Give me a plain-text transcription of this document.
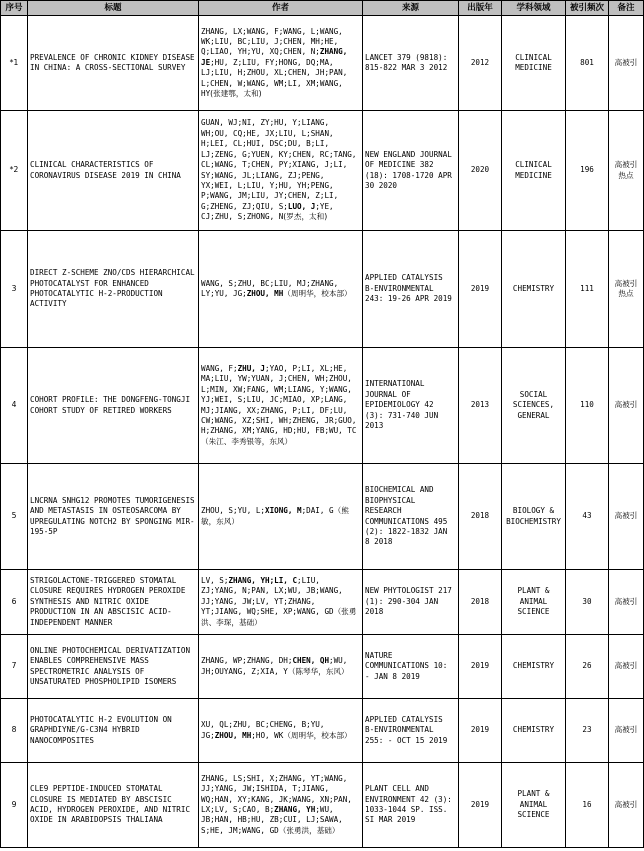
序号	标题	作者	来源	出版年	学科领域	被引频次	备注
*1	PREVALENCE OF CHRONIC KIDNEY DISEASE IN CHINA: A CROSS-SECTIONAL SURVEY	ZHANG, LX;WANG, F;WANG, L;WANG, WK;LIU, BC;LIU, J;CHEN, MH;HE, Q;LIAO, YH;YU, XQ;CHEN, N;ZHANG, JE;HU, Z;LIU, FY;HONG, DQ;MA, LJ;LIU, H;ZHOU, XL;CHEN, JH;PAN, L;CHEN, W;WANG, WM;LI, XM;WANG, HY(张建鄂，太和)	LANCET 379 (9818): 815-822 MAR 3 2012	2012	CLINICAL MEDICINE	801	高被引
*2	CLINICAL CHARACTERISTICS OF CORONAVIRUS DISEASE 2019 IN CHINA	GUAN, WJ;NI, ZY;HU, Y;LIANG, WH;OU, CQ;HE, JX;LIU, L;SHAN, H;LEI, CL;HUI, DSC;DU, B;LI, LJ;ZENG, G;YUEN, KY;CHEN, RC;TANG, CL;WANG, T;CHEN, PY;XIANG, J;LI, SY;WANG, JL;LIANG, ZJ;PENG, YX;WEI, L;LIU, Y;HU, YH;PENG, P;WANG, JM;LIU, JY;CHEN, Z;LI, G;ZHENG, ZJ;QIU, S;LUO, J;YE, CJ;ZHU, S;ZHONG, N(罗杰，太和)	NEW ENGLAND JOURNAL OF MEDICINE 382 (18): 1708-1720 APR 30 2020	2020	CLINICAL MEDICINE	196	高被引 热点
3	DIRECT Z-SCHEME ZNO/CDS HIERARCHICAL PHOTOCATALYST FOR ENHANCED PHOTOCATALYTIC H-2-PRODUCTION ACTIVITY	WANG, S;ZHU, BC;LIU, MJ;ZHANG, LY;YU, JG;ZHOU, MH（周明华，校本部）	APPLIED CATALYSIS B-ENVIRONMENTAL 243: 19-26 APR 2019	2019	CHEMISTRY	111	高被引 热点
4	COHORT PROFILE: THE DONGFENG-TONGJI COHORT STUDY OF RETIRED WORKERS	WANG, F;ZHU, J;YAO, P;LI, XL;HE, MA;LIU, YW;YUAN, J;CHEN, WH;ZHOU, L;MIN, XW;FANG, WM;LIANG, Y;WANG, YJ;WEI, S;LIU, JC;MIAO, XP;LANG, MJ;JIANG, XX;ZHANG, P;LI, DF;LU, CW;WANG, XZ;SHI, WH;ZHENG, JR;GUO, H;ZHANG, XM;YANG, HD;HU, FB;WU, TC（朱江、李秀银等，东风）	INTERNATIONAL JOURNAL OF EPIDEMIOLOGY 42 (3): 731-740 JUN 2013	2013	SOCIAL SCIENCES, GENERAL	110	高被引
5	LNCRNA SNHG12 PROMOTES TUMORIGENESIS AND METASTASIS IN OSTEOSARCOMA BY UPREGULATING NOTCH2 BY SPONGING MIR-195-5P	ZHOU, S;YU, L;XIONG, M;DAI, G（熊敏，东风）	BIOCHEMICAL AND BIOPHYSICAL RESEARCH COMMUNICATIONS 495 (2): 1822-1832 JAN 8 2018	2018	BIOLOGY & BIOCHEMISTRY	43	高被引
6	STRIGOLACTONE-TRIGGERED STOMATAL CLOSURE REQUIRES HYDROGEN PEROXIDE SYNTHESIS AND NITRIC OXIDE PRODUCTION IN AN ABSCISIC ACID-INDEPENDENT MANNER	LV, S;ZHANG, YH;LI, C;LIU, ZJ;YANG, N;PAN, LX;WU, JB;WANG, JJ;YANG, JW;LV, YT;ZHANG, YT;JIANG, WQ;SHE, XP;WANG, GD（张勇洪、李琛，基础）	NEW PHYTOLOGIST 217 (1): 290-304 JAN 2018	2018	PLANT & ANIMAL SCIENCE	30	高被引
7	ONLINE PHOTOCHEMICAL DERIVATIZATION ENABLES COMPREHENSIVE MASS SPECTROMETRIC ANALYSIS OF UNSATURATED PHOSPHOLIPID ISOMERS	ZHANG, WP;ZHANG, DH;CHEN, QH;WU, JH;OUYANG, Z;XIA, Y（陈琴华，东风）	NATURE COMMUNICATIONS 10: - JAN 8 2019	2019	CHEMISTRY	26	高被引
8	PHOTOCATALYTIC H-2 EVOLUTION ON GRAPHDIYNE/G-C3N4 HYBRID NANOCOMPOSITES	XU, QL;ZHU, BC;CHENG, B;YU, JG;ZHOU, MH;HO, WK（周明华，校本部）	APPLIED CATALYSIS B-ENVIRONMENTAL 255: - OCT 15 2019	2019	CHEMISTRY	23	高被引
9	CLE9 PEPTIDE-INDUCED STOMATAL CLOSURE IS MEDIATED BY ABSCISIC ACID, HYDROGEN PEROXIDE, AND NITRIC OXIDE IN ARABIDOPSIS THALIANA	ZHANG, LS;SHI, X;ZHANG, YT;WANG, JJ;YANG, JW;ISHIDA, T;JIANG, WQ;HAN, XY;KANG, JK;WANG, XN;PAN, LX;LV, S;CAO, B;ZHANG, YH;WU, JB;HAN, HB;HU, ZB;CUI, LJ;SAWA, S;HE, JM;WANG, GD（张勇洪，基础）	PLANT CELL AND ENVIRONMENT 42 (3): 1033-1044 SP. ISS. SI MAR 2019	2019	PLANT & ANIMAL SCIENCE	16	高被引
